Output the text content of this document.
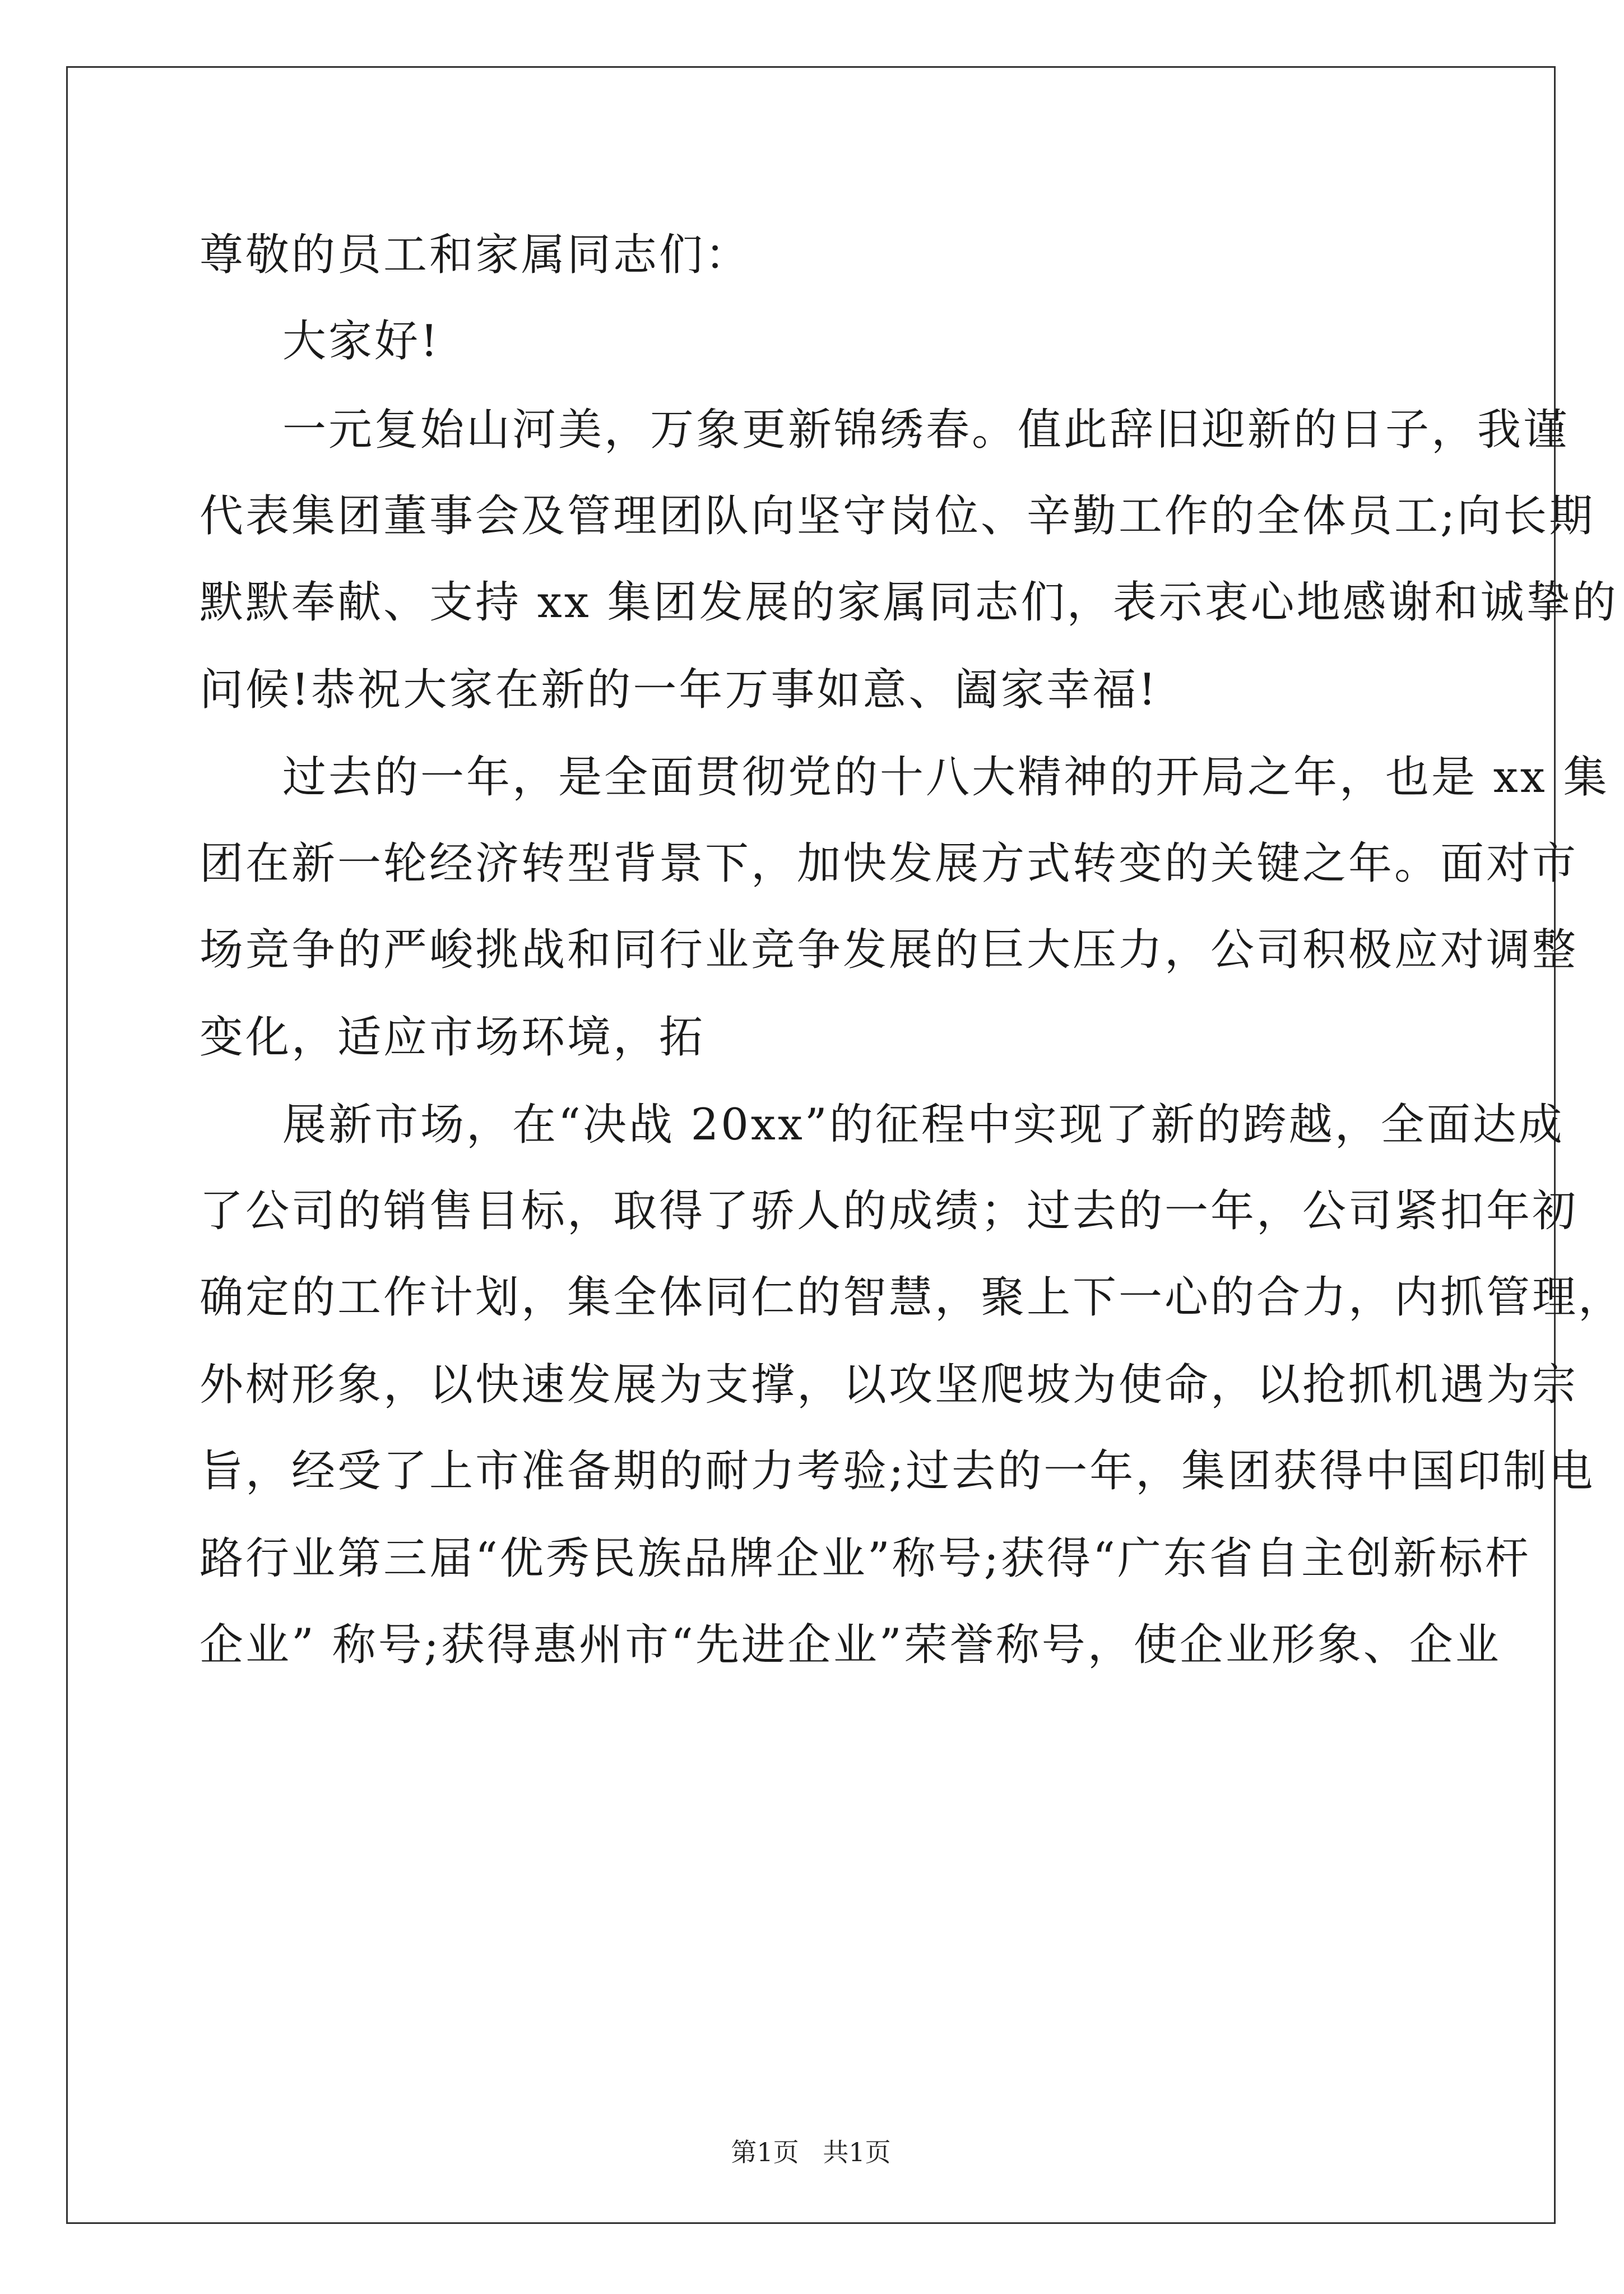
尊敬的员工和家属同志们：

大家好!

一元复始山河美，万象更新锦绣春。值此辞旧迎新的日子，我谨

代表集团董事会及管理团队向坚守岗位、辛勤工作的全体员工;向长期

默默奉献、支持 xx 集团发展的家属同志们，表示衷心地感谢和诚挚的

问候!恭祝大家在新的一年万事如意、阖家幸福!

过去的一年，是全面贯彻党的十八大精神的开局之年，也是 xx 集

团在新一轮经济转型背景下，加快发展方式转变的关键之年。面对市

场竞争的严峻挑战和同行业竞争发展的巨大压力，公司积极应对调整

变化，适应市场环境，拓

展新市场，在“决战 20xx”的征程中实现了新的跨越，全面达成

了公司的销售目标，取得了骄人的成绩；过去的一年，公司紧扣年初

确定的工作计划，集全体同仁的智慧，聚上下一心的合力，内抓管理，

外树形象，以快速发展为支撑，以攻坚爬坡为使命，以抢抓机遇为宗

旨，经受了上市准备期的耐力考验;过去的一年，集团获得中国印制电

路行业第三届“优秀民族品牌企业”称号;获得“广东省自主创新标杆

企业” 称号;获得惠州市“先进企业”荣誉称号，使企业形象、企业

第1页 共1页
